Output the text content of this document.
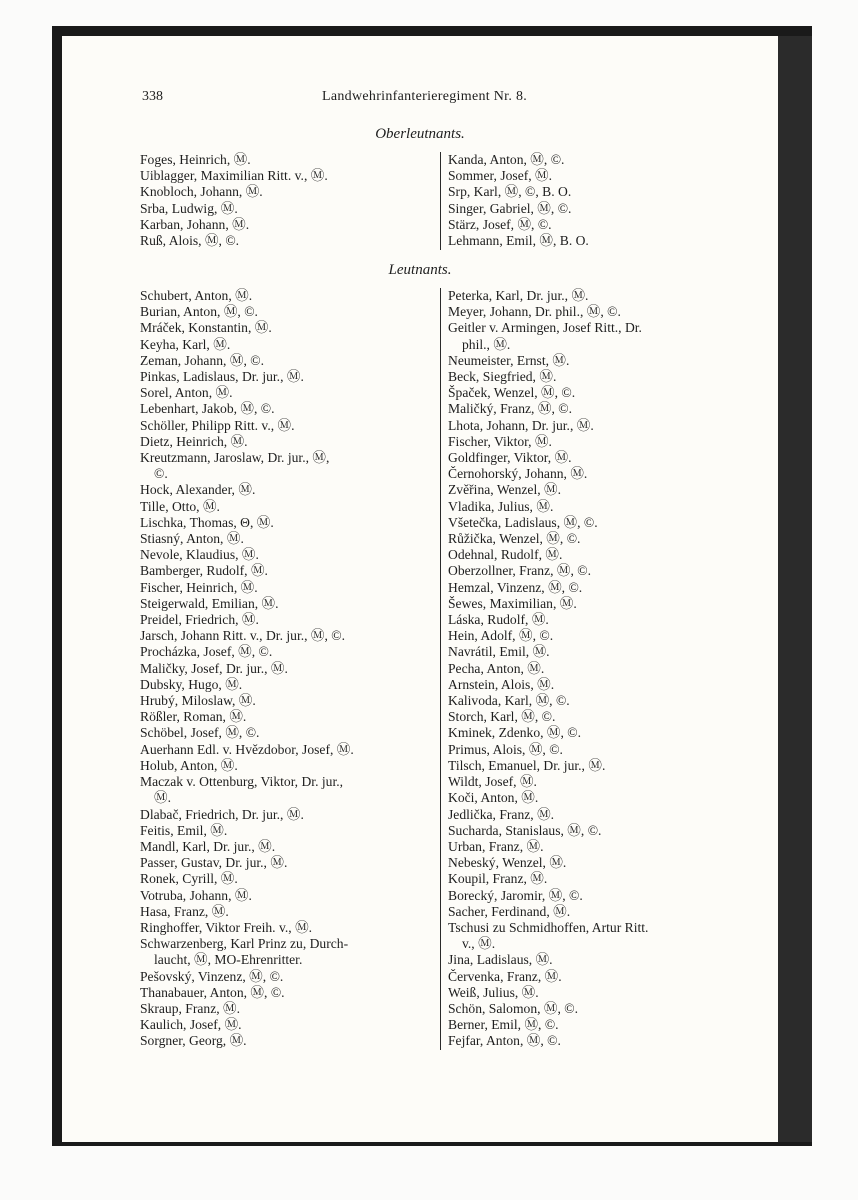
338	Landwehrinfanterieregiment Nr. 8.
Oberleutnants.
Foges, Heinrich, Ⓜ.
Uiblagger, Maximilian Ritt. v., Ⓜ.
Knobloch, Johann, Ⓜ.
Srba, Ludwig, Ⓜ.
Karban, Johann, Ⓜ.
Ruß, Alois, Ⓜ, ©.
Kanda, Anton, Ⓜ, ©.
Sommer, Josef, Ⓜ.
Srp, Karl, Ⓜ, ©, B. O.
Singer, Gabriel, Ⓜ, ©.
Stärz, Josef, Ⓜ, ©.
Lehmann, Emil, Ⓜ, B. O.
Leutnants.
Schubert, Anton, Ⓜ.
Burian, Anton, Ⓜ, ©.
Mráček, Konstantin, Ⓜ.
Keyha, Karl, Ⓜ.
Zeman, Johann, Ⓜ, ©.
Pinkas, Ladislaus, Dr. jur., Ⓜ.
Sorel, Anton, Ⓜ.
Lebenhart, Jakob, Ⓜ, ©.
Schöller, Philipp Ritt. v., Ⓜ.
Dietz, Heinrich, Ⓜ.
Kreutzmann, Jaroslaw, Dr. jur., Ⓜ,
©.
Hock, Alexander, Ⓜ.
Tille, Otto, Ⓜ.
Lischka, Thomas, Θ, Ⓜ.
Stiasný, Anton, Ⓜ.
Nevole, Klaudius, Ⓜ.
Bamberger, Rudolf, Ⓜ.
Fischer, Heinrich, Ⓜ.
Steigerwald, Emilian, Ⓜ.
Preidel, Friedrich, Ⓜ.
Jarsch, Johann Ritt. v., Dr. jur., Ⓜ, ©.
Procházka, Josef, Ⓜ, ©.
Maličky, Josef, Dr. jur., Ⓜ.
Dubsky, Hugo, Ⓜ.
Hrubý, Miloslaw, Ⓜ.
Rößler, Roman, Ⓜ.
Schöbel, Josef, Ⓜ, ©.
Auerhann Edl. v. Hvězdobor, Josef, Ⓜ.
Holub, Anton, Ⓜ.
Maczak v. Ottenburg, Viktor, Dr. jur.,
Ⓜ.
Dlabač, Friedrich, Dr. jur., Ⓜ.
Feitis, Emil, Ⓜ.
Mandl, Karl, Dr. jur., Ⓜ.
Passer, Gustav, Dr. jur., Ⓜ.
Ronek, Cyrill, Ⓜ.
Votruba, Johann, Ⓜ.
Hasa, Franz, Ⓜ.
Ringhoffer, Viktor Freih. v., Ⓜ.
Schwarzenberg, Karl Prinz zu, Durch-
laucht, Ⓜ, MO-Ehrenritter.
Pešovský, Vinzenz, Ⓜ, ©.
Thanabauer, Anton, Ⓜ, ©.
Skraup, Franz, Ⓜ.
Kaulich, Josef, Ⓜ.
Sorgner, Georg, Ⓜ.
Peterka, Karl, Dr. jur., Ⓜ.
Meyer, Johann, Dr. phil., Ⓜ, ©.
Geitler v. Armingen, Josef Ritt., Dr.
phil., Ⓜ.
Neumeister, Ernst, Ⓜ.
Beck, Siegfried, Ⓜ.
Špaček, Wenzel, Ⓜ, ©.
Maličký, Franz, Ⓜ, ©.
Lhota, Johann, Dr. jur., Ⓜ.
Fischer, Viktor, Ⓜ.
Goldfinger, Viktor, Ⓜ.
Černohorský, Johann, Ⓜ.
Zvěřina, Wenzel, Ⓜ.
Vladika, Julius, Ⓜ.
Všetečka, Ladislaus, Ⓜ, ©.
Růžička, Wenzel, Ⓜ, ©.
Odehnal, Rudolf, Ⓜ.
Oberzollner, Franz, Ⓜ, ©.
Hemzal, Vinzenz, Ⓜ, ©.
Šewes, Maximilian, Ⓜ.
Láska, Rudolf, Ⓜ.
Hein, Adolf, Ⓜ, ©.
Navrátil, Emil, Ⓜ.
Pecha, Anton, Ⓜ.
Arnstein, Alois, Ⓜ.
Kalivoda, Karl, Ⓜ, ©.
Storch, Karl, Ⓜ, ©.
Kminek, Zdenko, Ⓜ, ©.
Primus, Alois, Ⓜ, ©.
Tilsch, Emanuel, Dr. jur., Ⓜ.
Wildt, Josef, Ⓜ.
Koči, Anton, Ⓜ.
Jedlička, Franz, Ⓜ.
Sucharda, Stanislaus, Ⓜ, ©.
Urban, Franz, Ⓜ.
Nebeský, Wenzel, Ⓜ.
Koupil, Franz, Ⓜ.
Borecký, Jaromir, Ⓜ, ©.
Sacher, Ferdinand, Ⓜ.
Tschusi zu Schmidhoffen, Artur Ritt.
v., Ⓜ.
Jina, Ladislaus, Ⓜ.
Červenka, Franz, Ⓜ.
Weiß, Julius, Ⓜ.
Schön, Salomon, Ⓜ, ©.
Berner, Emil, Ⓜ, ©.
Fejfar, Anton, Ⓜ, ©.
